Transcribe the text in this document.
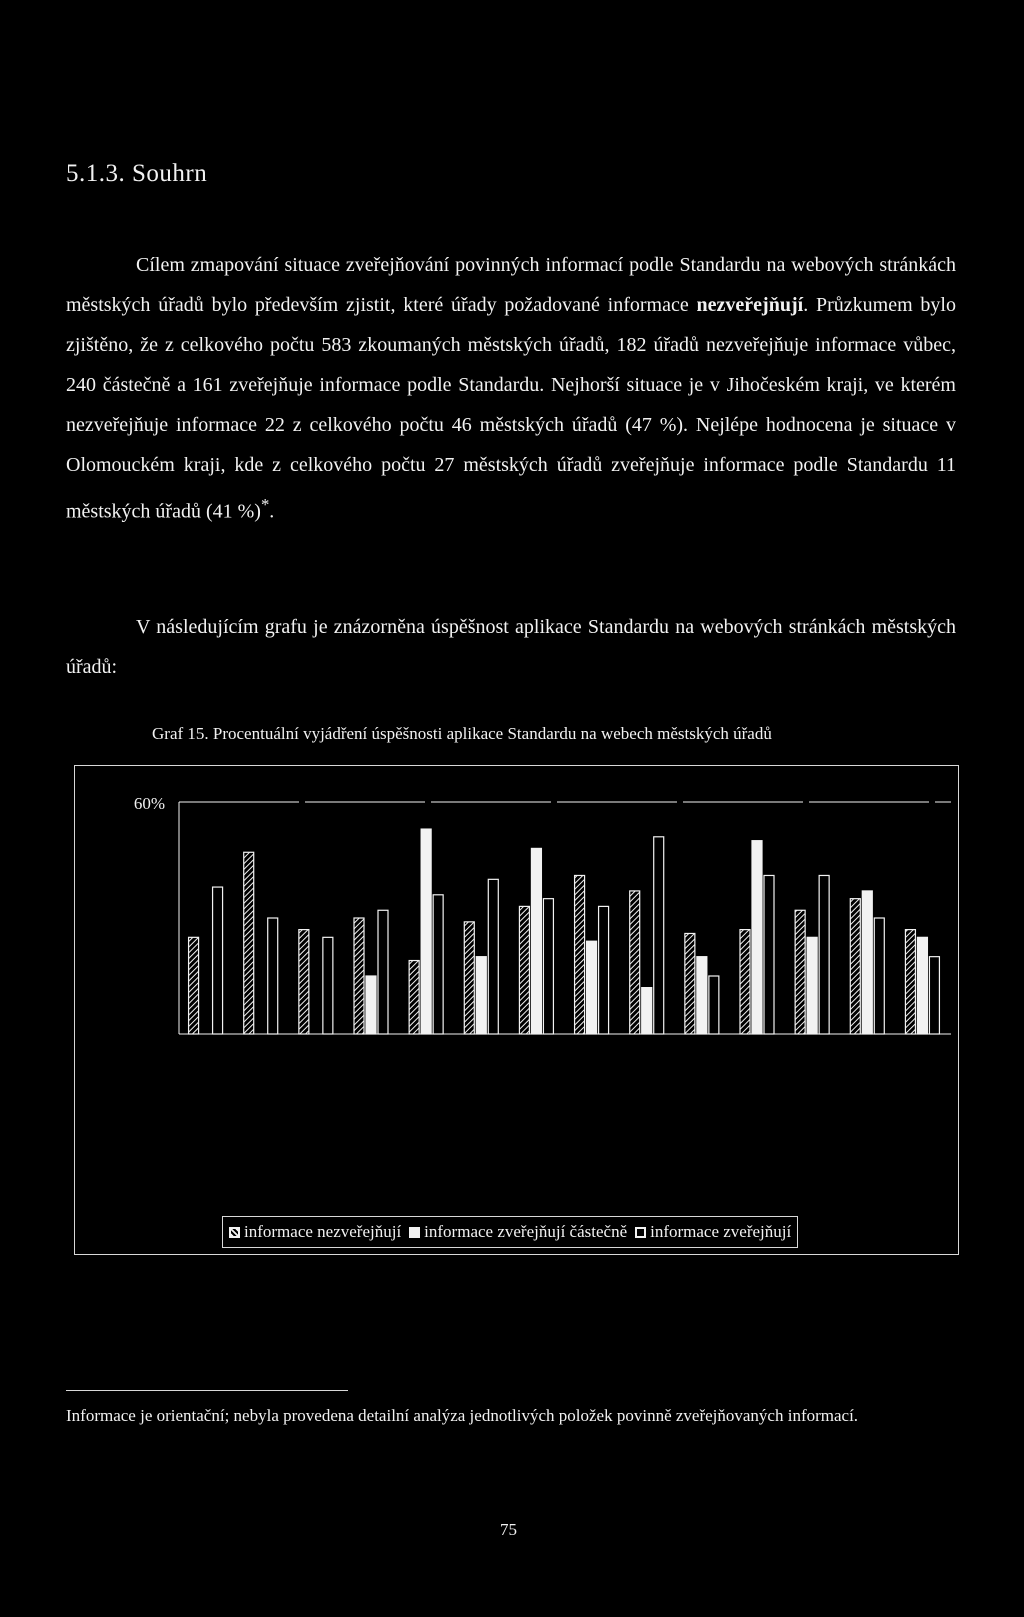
5.1.3. Souhrn

Cílem zmapování situace zveřejňování povinných informací podle Standardu na webových stránkách městských úřadů bylo především zjistit, které úřady požadované informace nezveřejňují. Průzkumem bylo zjištěno, že z celkového počtu 583 zkoumaných městských úřadů, 182 úřadů nezveřejňuje informace vůbec, 240 částečně a 161 zveřejňuje informace podle Standardu. Nejhorší situace je v Jihočeském kraji, ve kterém nezveřejňuje informace 22 z celkového počtu 46 městských úřadů (47 %). Nejlépe hodnocena je situace v Olomouckém kraji, kde z celkového počtu 27 městských úřadů zveřejňuje informace podle Standardu 11 městských úřadů (41 %)*.

V následujícím grafu je znázorněna úspěšnost aplikace Standardu na webových stránkách městských úřadů:

Graf 15. Procentuální vyjádření úspěšnosti aplikace Standardu na webech městských úřadů
60%
informace nezveřejňují informace zveřejňují částečně informace zveřejňují

Informace je orientační; nebyla provedena detailní analýza jednotlivých položek povinně zveřejňovaných informací.

75
